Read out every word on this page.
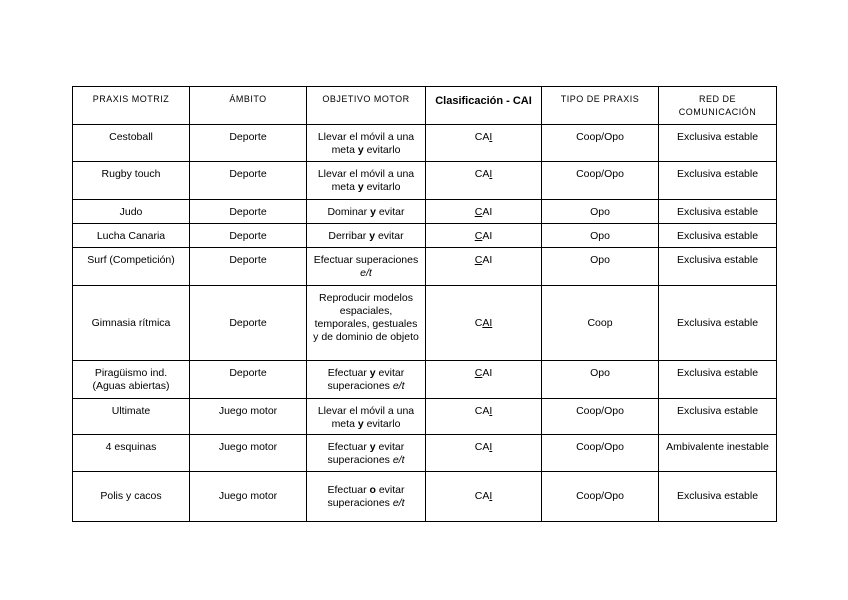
PRAXIS MOTRIZ	ÁMBITO	OBJETIVO MOTOR	Clasificación - CAI	TIPO DE PRAXIS	RED DE COMUNICACIÓN
Cestoball	Deporte	Llevar el móvil a una meta y evitarlo	CAI	Coop/Opo	Exclusiva estable
Rugby touch	Deporte	Llevar el móvil a una meta y evitarlo	CAI	Coop/Opo	Exclusiva estable
Judo	Deporte	Dominar y evitar	CAI	Opo	Exclusiva estable
Lucha Canaria	Deporte	Derribar y evitar	CAI	Opo	Exclusiva estable
Surf (Competición)	Deporte	Efectuar superaciones e/t	CAI	Opo	Exclusiva estable
Gimnasia rítmica	Deporte	Reproducir modelos espaciales, temporales, gestuales y de dominio de objeto	CAI	Coop	Exclusiva estable
Piragüismo ind. (Aguas abiertas)	Deporte	Efectuar y evitar superaciones e/t	CAI	Opo	Exclusiva estable
Ultimate	Juego motor	Llevar el móvil a una meta y evitarlo	CAI	Coop/Opo	Exclusiva estable
4 esquinas	Juego motor	Efectuar y evitar superaciones e/t	CAI	Coop/Opo	Ambivalente inestable
Polis y cacos	Juego motor	Efectuar o evitar superaciones e/t	CAI	Coop/Opo	Exclusiva estable
